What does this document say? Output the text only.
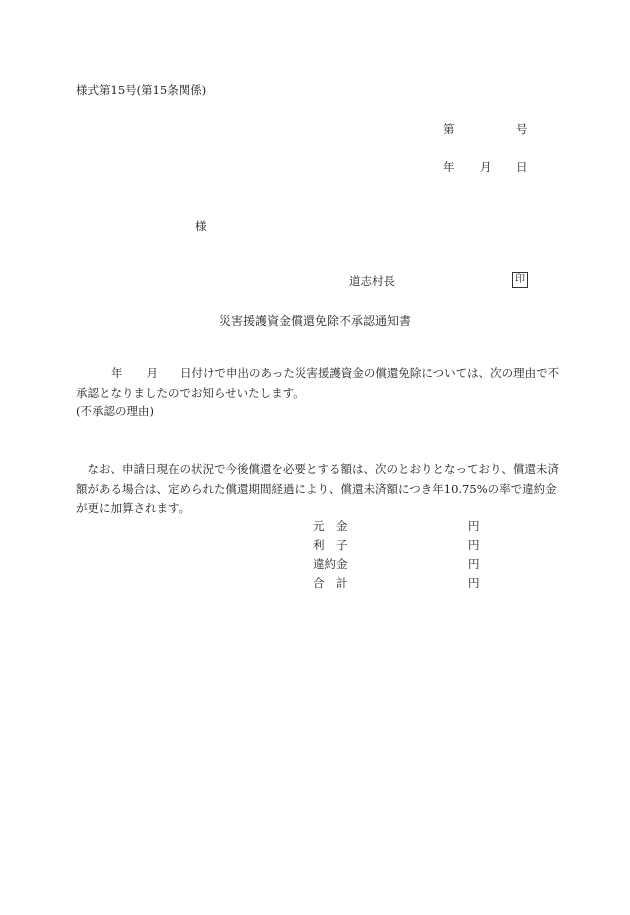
様式第15号(第15条関係)
第	号
年 月 日
様
道志村長	印
災害援護資金償還免除不承認通知書
年 月 日付けで申出のあった災害援護資金の償還免除については、次の理由で不承認となりましたのでお知らせいたします。
(不承認の理由)
なお、申請日現在の状況で今後償還を必要とする額は、次のとおりとなっており、償還未済額がある場合は、定められた償還期間経過により、償還未済額につき年10.75%の率で違約金が更に加算されます。
元　金	円
利　子	円
違約金	円
合　計	円
